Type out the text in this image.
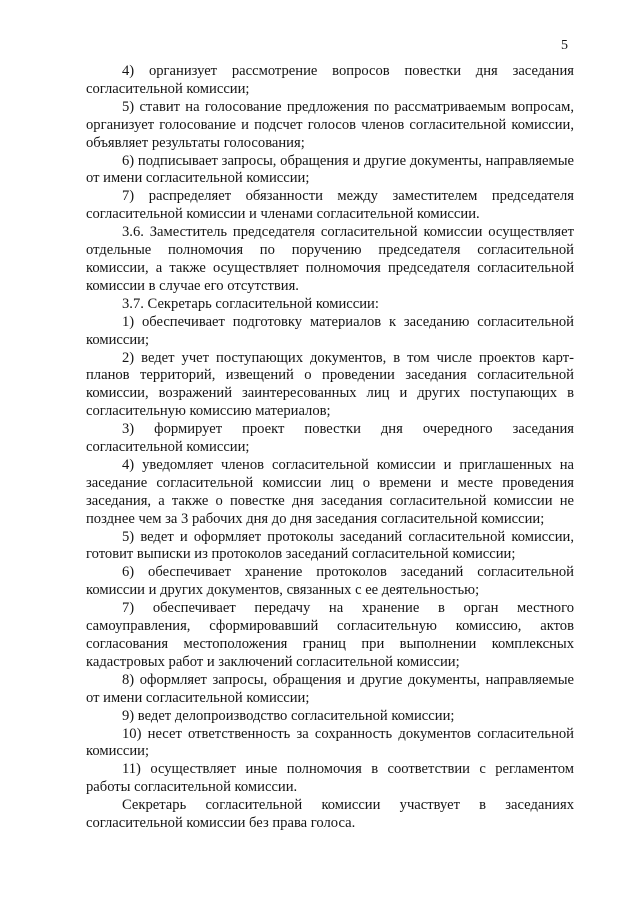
5

4) организует рассмотрение вопросов повестки дня заседания согласительной комиссии;

5) ставит на голосование предложения по рассматриваемым вопросам, организует голосование и подсчет голосов членов согласительной комиссии, объявляет результаты голосования;

6) подписывает запросы, обращения и другие документы, направляемые от имени согласительной комиссии;

7) распределяет обязанности между заместителем председателя согласительной комиссии и членами согласительной комиссии.

3.6. Заместитель председателя согласительной комиссии осуществляет отдельные полномочия по поручению председателя согласительной комиссии, а также осуществляет полномочия председателя согласительной комиссии в случае его отсутствия.

3.7. Секретарь согласительной комиссии:

1) обеспечивает подготовку материалов к заседанию согласительной комиссии;

2) ведет учет поступающих документов, в том числе проектов карт-планов территорий, извещений о проведении заседания согласительной комиссии, возражений заинтересованных лиц и других поступающих в согласительную комиссию материалов;

3) формирует проект повестки дня очередного заседания согласительной комиссии;

4) уведомляет членов согласительной комиссии и приглашенных на заседание согласительной комиссии лиц о времени и месте проведения заседания, а также о повестке дня заседания согласительной комиссии не позднее чем за 3 рабочих дня до дня заседания согласительной комиссии;

5) ведет и оформляет протоколы заседаний согласительной комиссии, готовит выписки из протоколов заседаний согласительной комиссии;

6) обеспечивает хранение протоколов заседаний согласительной комиссии и других документов, связанных с ее деятельностью;

7) обеспечивает передачу на хранение в орган местного самоуправления, сформировавший согласительную комиссию, актов согласования местоположения границ при выполнении комплексных кадастровых работ и заключений согласительной комиссии;

8) оформляет запросы, обращения и другие документы, направляемые от имени согласительной комиссии;

9) ведет делопроизводство согласительной комиссии;

10) несет ответственность за сохранность документов согласительной комиссии;

11) осуществляет иные полномочия в соответствии с регламентом работы согласительной комиссии.

Секретарь согласительной комиссии участвует в заседаниях согласительной комиссии без права голоса.
